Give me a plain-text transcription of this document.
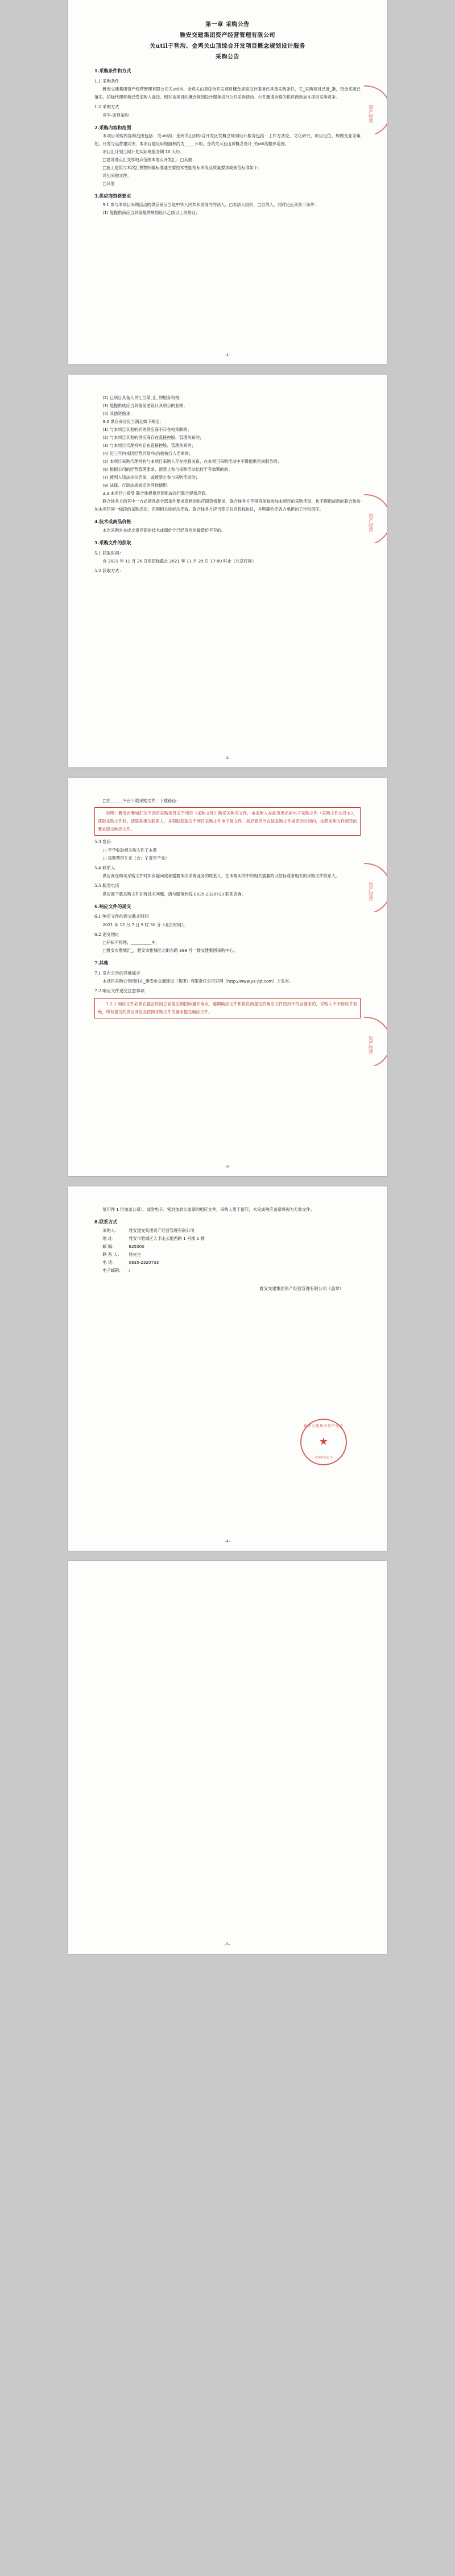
第一章 采购公告
雅安交建集团资产经营管理有限公司
关util于利沟、金鸡关山顶综合开发项目概念规划设计服务
采购公告
1.采购条件和方式
1.1 采购条件

雅安交建集团资产经营管理有限公司关util沟、金鸡关山顶综合开发项目概念规划设计服务已具备采购条件，它_采购项目已批_准，资金来源已落实，招标代理机构已受采购人委托，现对该项目的概念规划设计服务进行公开采购活动。公开邀请合格的供应商参加本项目采购竞争。

1.2 采购方式

竞争-谈判采购

2.采购内容和范围

本项目采购内容和范围包括：关util沟、金鸡关山顶综合开发区发概念规划设计服务包括：工作方法论、文化研究、项目定位、规模及业态策划、开发与运营建议等，本项目建设用地面积约为_____公顷，金鸡关大石山顶概念设计_关util沟整体范围。

项目汇计划工期计划实际绝服务期 10 天历。

□建设地点汇交界地点范围本地点开发汇；□其他：

□施工建筑与本次汇费物明暖标准通主要技术性能指标明段及质量要求或规范标准如下：

详见采购文件。

□其他

3.供应商资格要求

3.1 参与本项目采购活动的供应商应当是中华人民共和国境内的法人、□非法人组织、□自然人。同时还应具备下条件：

(1) 能提供商应当具备提供规划设计乙级以上资格证；

资产经营
-1-

(2) 已项目具备人民汇当某_汇_的服务资格；

(3) 能提供成应当具备前述设计具项目的业绩；

(4) 其他资格求：

3.2 供应商还应当满足如下规定：

(1) 与本项目其他的同的供应商不存在相关联的；

(2) 与本项目其他的供应商存在直接控股、管理关系的；

(3) 与本项目代理机构存在直接控股、管理关系的；

(4) 近三年内未因经营异常/失信被执行人名单的；

(5) 本项目采购代理机构与本项目采购人存在控股关系，在本项目采购活动中不得提供咨询服务的；

(6) 根据公司的经营管理要求，被禁止参与采购活动比较于有效期的的；

(7) 被列入违法失信名单，或被禁止参与采购活动的；

(8) 法律、行政法规规定的其他情形。

3.3 本项目□接受 联合体提供应商组或进行联合提供应商。

联合体各方的其中一方必须具备全部条件要求资格的供应商资格要求，联合体各方不得再单独参加本项目的采购活动，也不得组成新的联合体参加本项目同一标段的采购活动，否则相关投标均无效。联合体各方应当签订共同投标协议，并明确约定各方承担的工作和责任。

4.技术或商品价格

本次采购对本成交供应商的技术或商价介已经济性的最低价不存的。

5.采购文件的获取
5.1 获取时间：

自 2021 年 11 月 26 日至招标截止 2021 年 11 月 29 日 17:00 时止（北京时间）

5.2 获取方式：
资产经营
-2-

□在______平台下载采购文件，下载路径：

说明：雅安市雅城汇关于动定采购项目关于项目《采购文件》购买关购买文件，由采购人在此页出示的电子采购文件（采购文件公开本），获取采购文件时，请联系相关联系人，并领取获取关于项目采购文件电子版文件。供应商应当在该采购文件规定的时间内，按照采购文件规定的要求提交响应文件。

5.3 售价：

□ 不予收取相关购文件工本费

□ 每套费用￥元（含：￥壹百千元）

5.4 联系人

供应商在购买采购文件时如有疑问或者需要本次采购业务的联系人，在本购买的中的相关需要的以招标或者相关的采购文件联系人。

5.5 服务电话

供应商下载采购文件如有技术问题，请与服务热线 0835-2320713 联系咨询。

6.响应文件的递交
6.1 响应文件的递交截止时间

2021 年 12 月 7 日 9 时 30 分（北京时间）。

6.2 递交地址

□开标不得地，__________中，

□雅安市雅城汇_，雅安市雅城区北街东路 399 号一楼交建集团采购中心。

7.其他
7.1 发布公告的其他媒介

本项目采购公告同时在_雅安市交通建设（集团）有限责任公司官网（http://www.ya-jtjt.com）上发布。

7.2 响应文件递交注意事项

7.2.1 响应文件必须在截止时间之前提交到招标通知地点，逾期响应文件和供应商提交的响应文件密封不符合要求的，采购人不予接收并拒绝，所有提交的供应商应当按照采购文件的要求提交响应文件。

资产经营
资产经营
-3-

复印件 1 份加盖公章），或附电子、密封加封公盖章的相应文件，采购人用于留存，未完成响应盖章将视为无效文件。

8.联系方式
采购人：	雅安建交集团资产经营管理有限公司
地 址：	雅安市雅城区大手山云提西路 1 号楼 1 楼
邮 编：	625000
联 系 人：	杨先生
电 话：	0835-2320733
电子邮箱：	/
雅安交建集团资产经营管理有限公司（盖章）
雅安交建集团资产经营
★
管理有限公司
-4-
-5-
